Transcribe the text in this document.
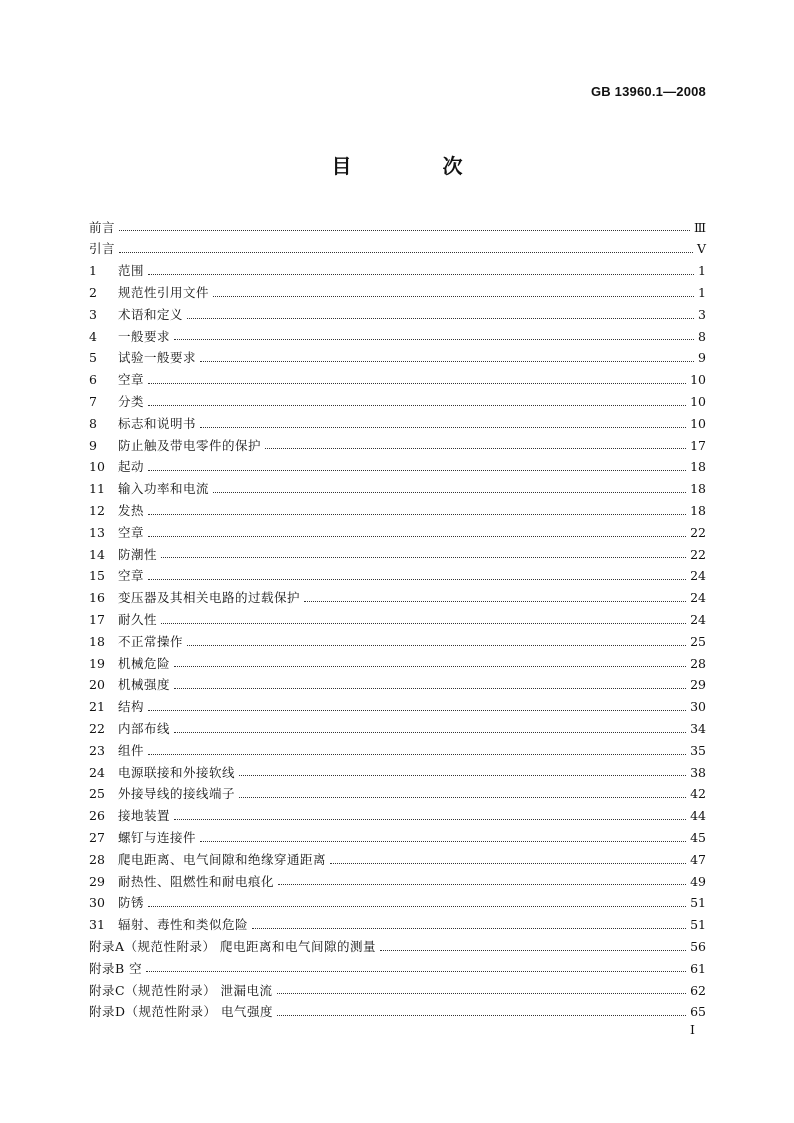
GB 13960.1—2008
目 次
前言	Ⅲ
引言	Ⅴ
1	范围	1
2	规范性引用文件	1
3	术语和定义	3
4	一般要求	8
5	试验一般要求	9
6	空章	10
7	分类	10
8	标志和说明书	10
9	防止触及带电零件的保护	17
10	起动	18
11	输入功率和电流	18
12	发热	18
13	空章	22
14	防潮性	22
15	空章	24
16	变压器及其相关电路的过载保护	24
17	耐久性	24
18	不正常操作	25
19	机械危险	28
20	机械强度	29
21	结构	30
22	内部布线	34
23	组件	35
24	电源联接和外接软线	38
25	外接导线的接线端子	42
26	接地装置	44
27	螺钉与连接件	45
28	爬电距离、电气间隙和绝缘穿通距离	47
29	耐热性、阻燃性和耐电痕化	49
30	防锈	51
31	辐射、毒性和类似危险	51
附录A（规范性附录） 爬电距离和电气间隙的测量	56
附录B 空	61
附录C（规范性附录） 泄漏电流	62
附录D（规范性附录） 电气强度	65
Ⅰ
